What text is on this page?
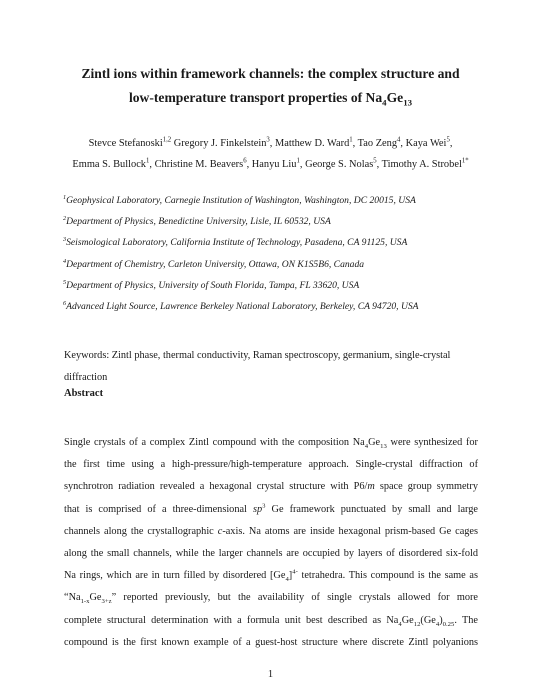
Zintl ions within framework channels: the complex structure and
low-temperature transport properties of $Na_4Ge_{13}$
Stevce Stefanoski$^{1,2}$ Gregory J. Finkelstein$^3$, Matthew D. Ward$^1$, Tao Zeng$^4$, Kaya Wei$^5$,
Emma S. Bullock$^1$, Christine M. Beavers$^6$, Hanyu Liu$^1$, George S. Nolas$^5$, Timothy A. Strobel$^{1*}$
$^1$Geophysical Laboratory, Carnegie Institution of Washington, Washington, DC 20015, USA
$^2$Department of Physics, Benedictine University, Lisle, IL 60532, USA
$^3$Seismological Laboratory, California Institute of Technology, Pasadena, CA 91125, USA
$^4$Department of Chemistry, Carleton University, Ottawa, ON K1S5B6, Canada
$^5$Department of Physics, University of South Florida, Tampa, FL 33620, USA
$^6$Advanced Light Source, Lawrence Berkeley National Laboratory, Berkeley, CA 94720, USA
Keywords: Zintl phase, thermal conductivity, Raman spectroscopy, germanium, single-crystal diffraction
Abstract
Single crystals of a complex Zintl compound with the composition $Na_4Ge_{13}$ were synthesized for
the first time using a high-pressure/high-temperature approach. Single-crystal diffraction of
synchrotron radiation revealed a hexagonal crystal structure with P6/m space group symmetry
that is comprised of a three-dimensional $sp^3$ Ge framework punctuated by small and large
channels along the crystallographic c-axis. Na atoms are inside hexagonal prism-based Ge cages
along the small channels, while the larger channels are occupied by layers of disordered six-fold
Na rings, which are in turn filled by disordered $[Ge_4]^{4-}$ tetrahedra. This compound is the same as
“$Na_{1-x}Ge_{3+z}$” reported previously, but the availability of single crystals allowed for more
complete structural determination with a formula unit best described as $Na_4Ge_{12}(Ge_4)_{0.25}$. The
compound is the first known example of a guest-host structure where discrete Zintl polyanions
1
